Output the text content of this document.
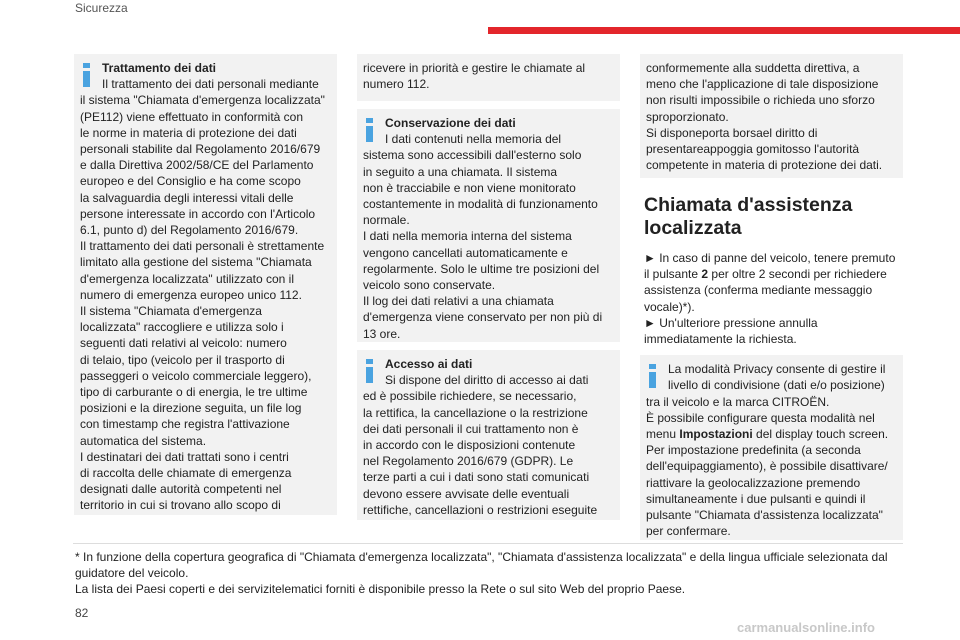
Sicurezza

Trattamento dei dati

Il trattamento dei dati personali mediante

il sistema "Chiamata d'emergenza localizzata"

(PE112) viene effettuato in conformità con

le norme in materia di protezione dei dati

personali stabilite dal Regolamento 2016/679

e dalla Direttiva 2002/58/CE del Parlamento

europeo e del Consiglio e ha come scopo

la salvaguardia degli interessi vitali delle

persone interessate in accordo con l'Articolo

6.1, punto d) del Regolamento 2016/679.

Il trattamento dei dati personali è strettamente

limitato alla gestione del sistema "Chiamata

d'emergenza localizzata" utilizzato con il

numero di emergenza europeo unico 112.

Il sistema "Chiamata d'emergenza

localizzata" raccogliere e utilizza solo i

seguenti dati relativi al veicolo: numero

di telaio, tipo (veicolo per il trasporto di

passeggeri o veicolo commerciale leggero),

tipo di carburante o di energia, le tre ultime

posizioni e la direzione seguita, un file log

con timestamp che registra l'attivazione

automatica del sistema.

I destinatari dei dati trattati sono i centri

di raccolta delle chiamate di emergenza

designati dalle autorità competenti nel

territorio in cui si trovano allo scopo di

ricevere in priorità e gestire le chiamate al

numero 112.

Conservazione dei dati

I dati contenuti nella memoria del

sistema sono accessibili dall'esterno solo

in seguito a una chiamata. Il sistema

non è tracciabile e non viene monitorato

costantemente in modalità di funzionamento

normale.

I dati nella memoria interna del sistema

vengono cancellati automaticamente e

regolarmente. Solo le ultime tre posizioni del

veicolo sono conservate.

Il log dei dati relativi a una chiamata

d'emergenza viene conservato per non più di

13 ore.

Accesso ai dati

Si dispone del diritto di accesso ai dati

ed è possibile richiedere, se necessario,

la rettifica, la cancellazione o la restrizione

dei dati personali il cui trattamento non è

in accordo con le disposizioni contenute

nel Regolamento 2016/679 (GDPR). Le

terze parti a cui i dati sono stati comunicati

devono essere avvisate delle eventuali

rettifiche, cancellazioni o restrizioni eseguite

conformemente alla suddetta direttiva, a

meno che l'applicazione di tale disposizione

non risulti impossibile o richieda uno sforzo

sproporzionato.

Si disponeporta borsael diritto di

presentareappoggia gomitosso l'autorità

competente in materia di protezione dei dati.

Chiamata d'assistenza
localizzata

► In caso di panne del veicolo, tenere premuto

il pulsante 2 per oltre 2 secondi per richiedere

assistenza (conferma mediante messaggio

vocale)*).

► Un'ulteriore pressione annulla

immediatamente la richiesta.

La modalità Privacy consente di gestire il

livello di condivisione (dati e/o posizione)

tra il veicolo e la marca CITROËN.

È possibile configurare questa modalità nel

menu Impostazioni del display touch screen.

Per impostazione predefinita (a seconda

dell'equipaggiamento), è possibile disattivare/

riattivare la geolocalizzazione premendo

simultaneamente i due pulsanti e quindi il

pulsante "Chiamata d'assistenza localizzata"

per confermare.

* In funzione della copertura geografica di "Chiamata d'emergenza localizzata", "Chiamata d'assistenza localizzata" e della lingua ufficiale selezionata dal

guidatore del veicolo.

La lista dei Paesi coperti e dei servizitelematici forniti è disponibile presso la Rete o sul sito Web del proprio Paese.

82
carmanualsonline.info
